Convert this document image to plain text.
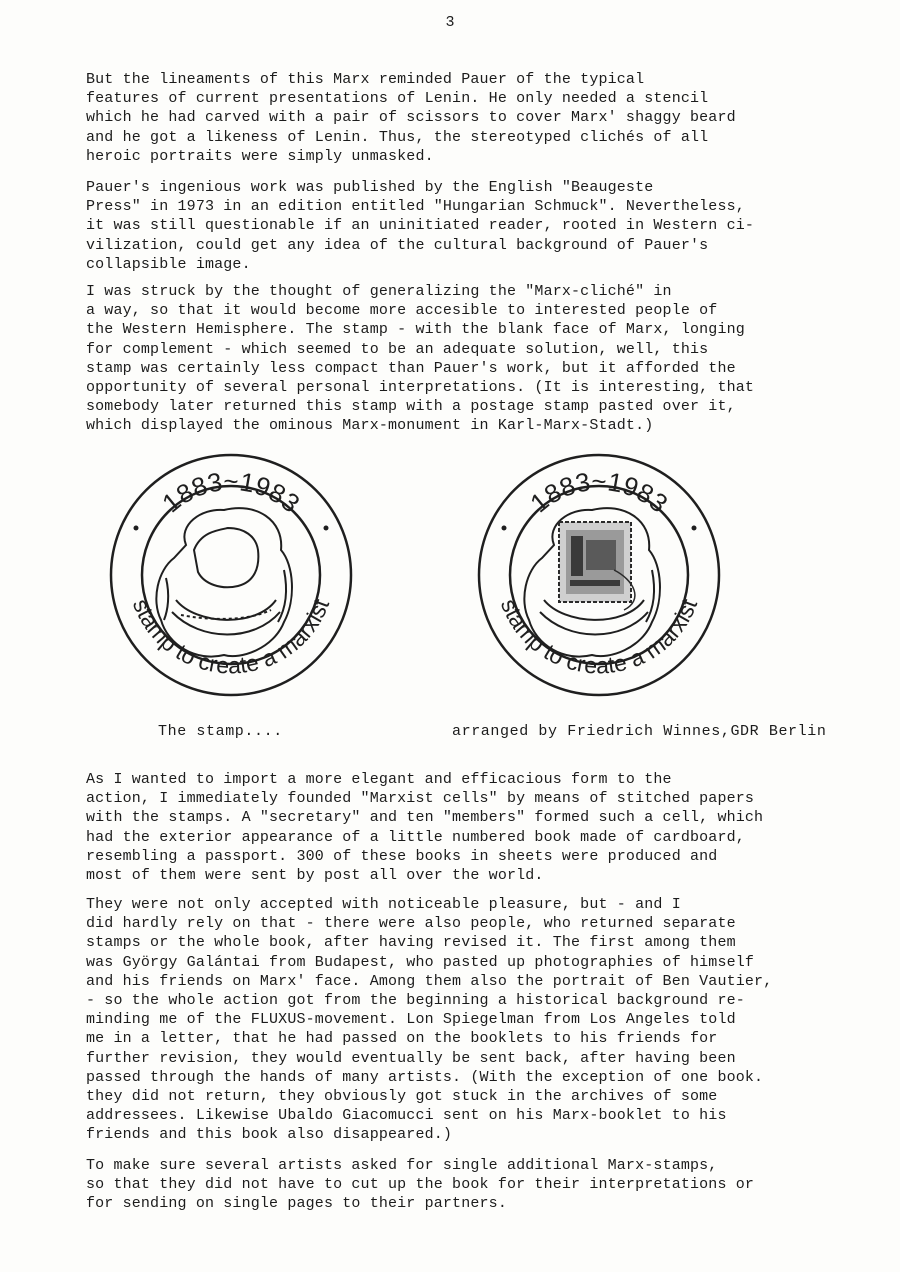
3

But the lineaments of this Marx reminded Pauer of the typical
features of current presentations of Lenin. He only needed a stencil
which he had carved with a pair of scissors to cover Marx' shaggy beard
and he got a likeness of Lenin. Thus, the stereotyped clichés of all
heroic portraits were simply unmasked.

Pauer's ingenious work was published by the English "Beaugeste
Press" in 1973 in an edition entitled "Hungarian Schmuck". Nevertheless,
it was still questionable if an uninitiated reader, rooted in Western ci-
vilization, could get any idea of the cultural background of Pauer's
collapsible image.

I was struck by the thought of generalizing the "Marx-cliché" in
a way, so that it would become more accesible to interested people of
the Western Hemisphere. The stamp - with the blank face of Marx, longing
for complement - which seemed to be an adequate solution, well, this
stamp was certainly less compact than Pauer's work, but it afforded the
opportunity of several personal interpretations. (It is interesting, that
somebody later returned this stamp with a postage stamp pasted over it,
which displayed the ominous Marx-monument in Karl-Marx-Stadt.)

1883~1983
stamp to create a marxist
1883~1983
stamp to create a marxist
The stamp....	arranged by Friedrich Winnes,GDR Berlin

As I wanted to import a more elegant and efficacious form to the
action, I immediately founded "Marxist cells" by means of stitched papers
with the stamps. A "secretary" and ten "members" formed such a cell, which
had the exterior appearance of a little numbered book made of cardboard,
resembling a passport. 300 of these books in sheets were produced and
most of them were sent by post all over the world.

They were not only accepted with noticeable pleasure, but - and I
did hardly rely on that - there were also people, who returned separate
stamps or the whole book, after having revised it. The first among them
was György Galántai from Budapest, who pasted up photographies of himself
and his friends on Marx' face. Among them also the portrait of Ben Vautier,
- so the whole action got from the beginning a historical background re-
minding me of the FLUXUS-movement. Lon Spiegelman from Los Angeles told
me in a letter, that he had passed on the booklets to his friends for
further revision, they would eventually be sent back, after having been
passed through the hands of many artists. (With the exception of one book.
they did not return, they obviously got stuck in the archives of some
addressees. Likewise Ubaldo Giacomucci sent on his Marx-booklet to his
friends and this book also disappeared.)

To make sure several artists asked for single additional Marx-stamps,
so that they did not have to cut up the book for their interpretations or
for sending on single pages to their partners.
